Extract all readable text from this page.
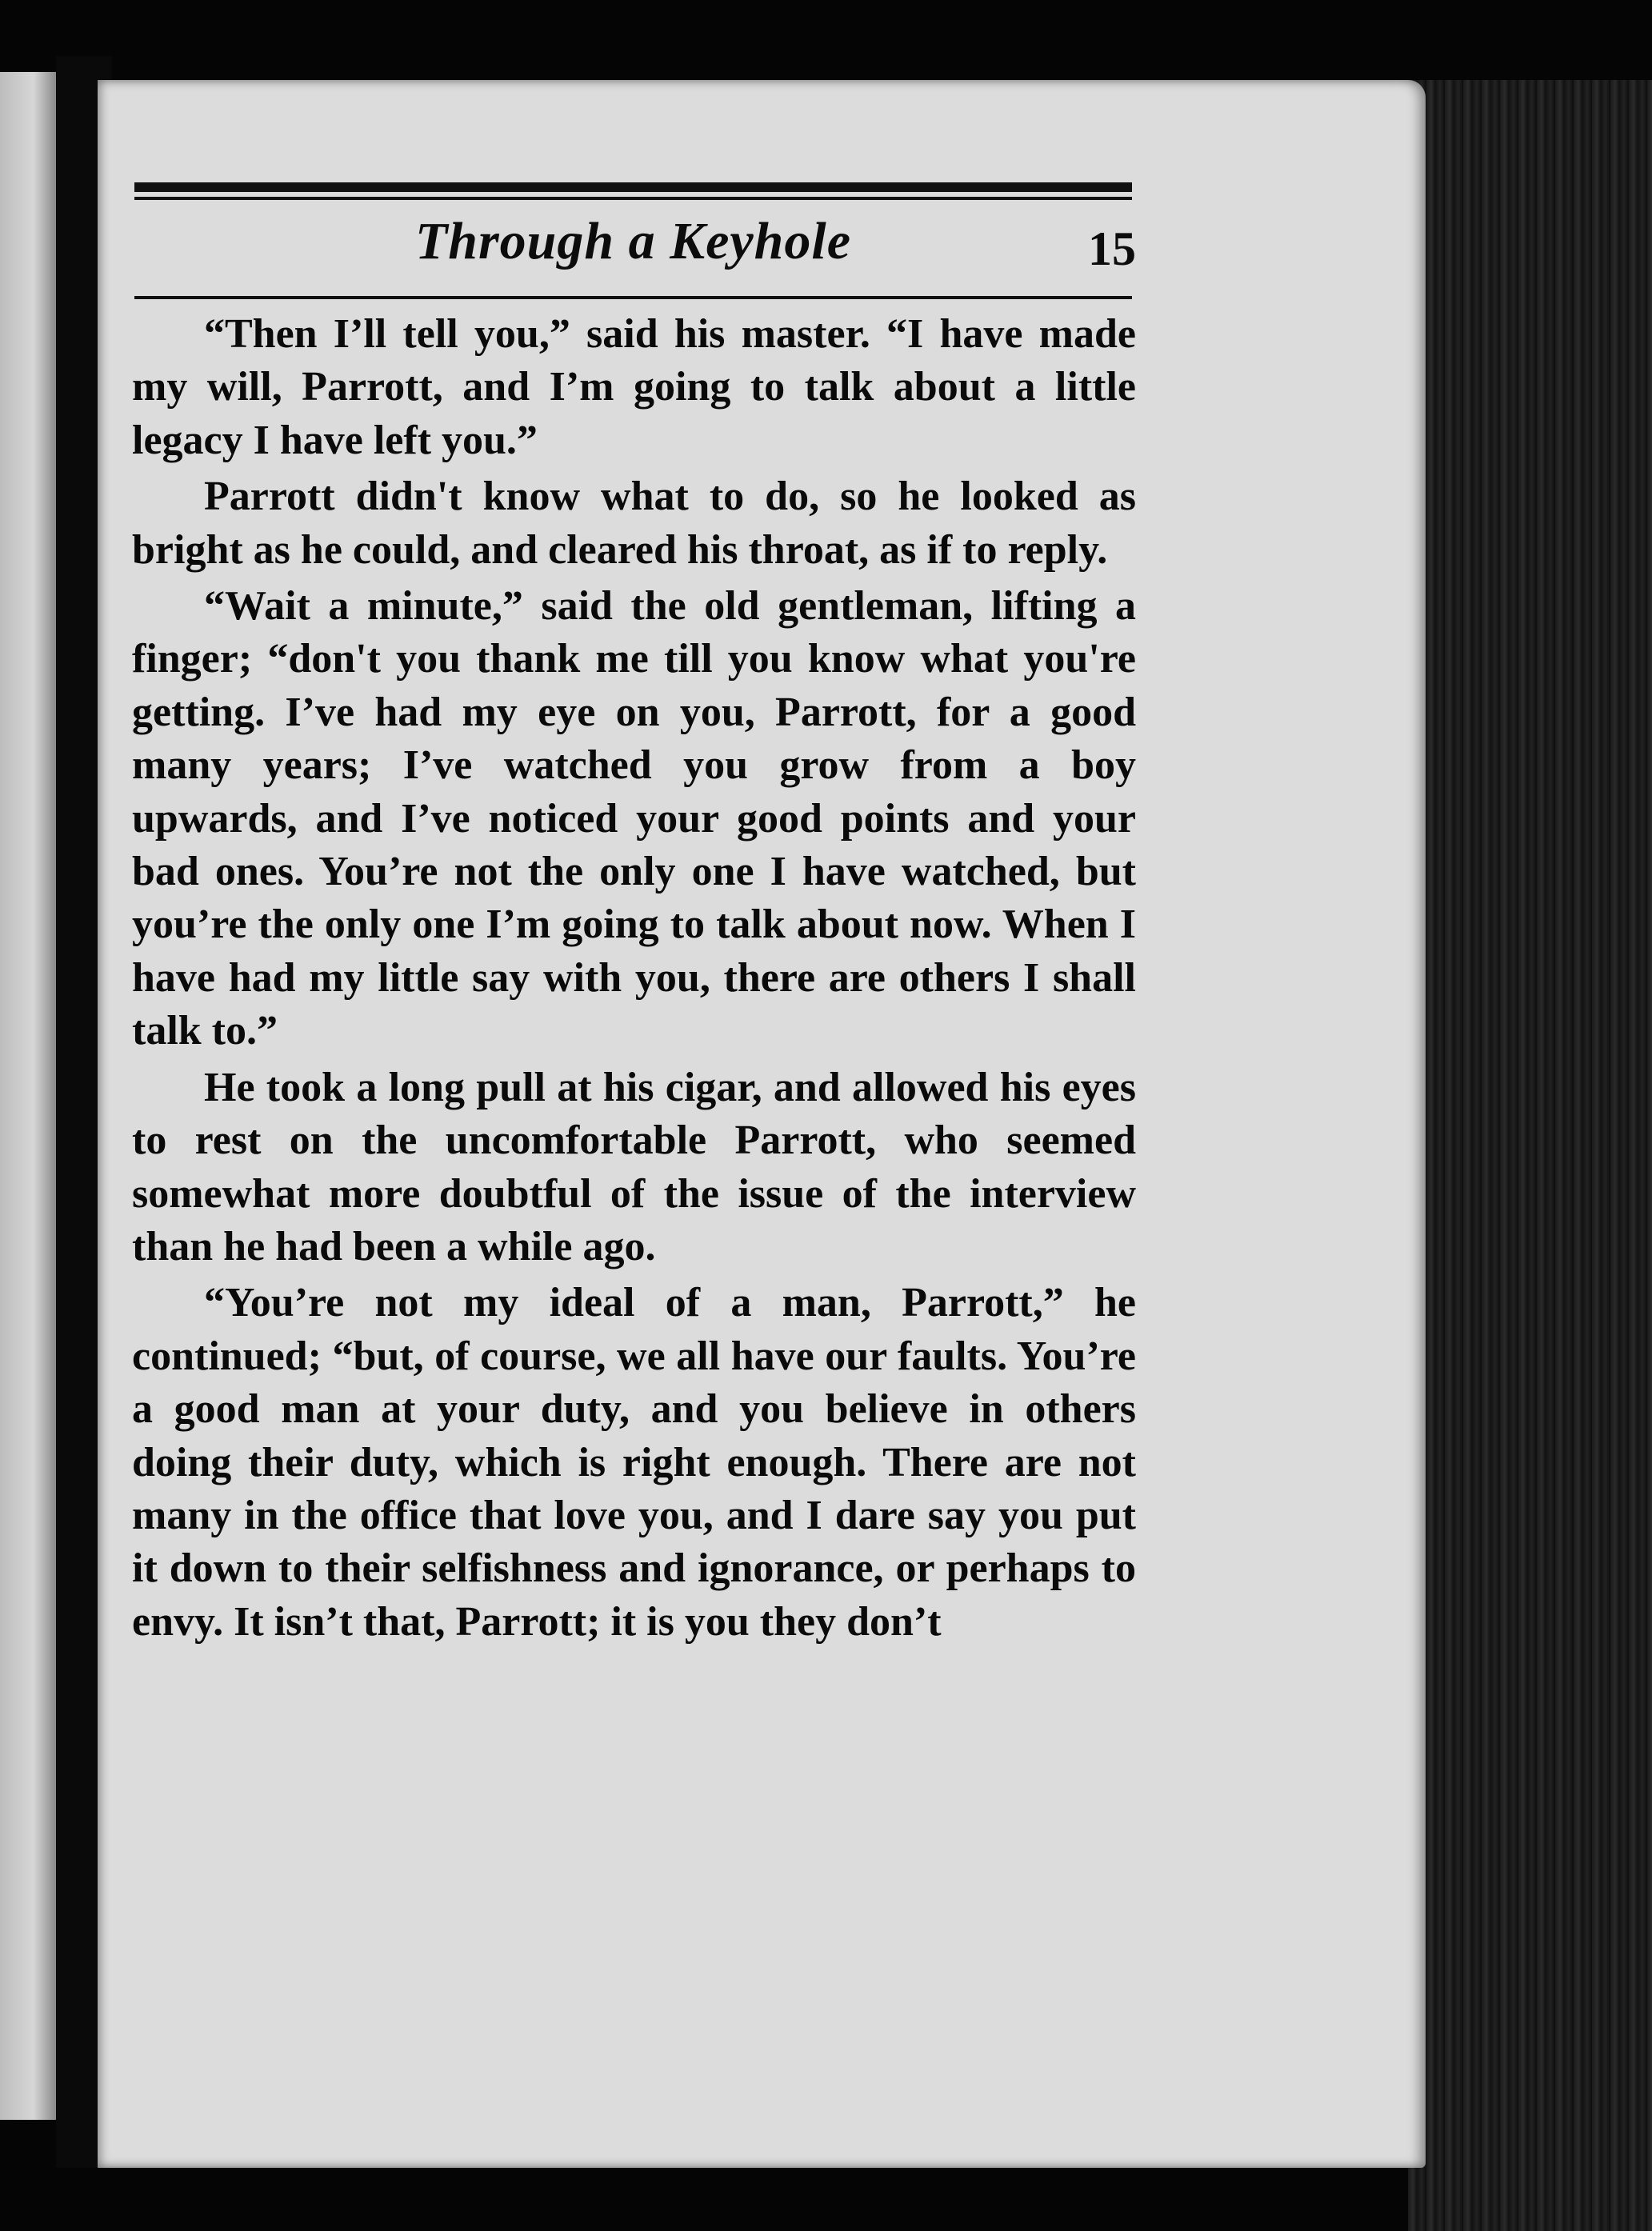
Through a Keyhole	15

“Then I’ll tell you,” said his master. “I have made my will, Parrott, and I’m going to talk about a little legacy I have left you.”

Parrott didn't know what to do, so he looked as bright as he could, and cleared his throat, as if to reply.

“Wait a minute,” said the old gentleman, lifting a finger; “don't you thank me till you know what you're getting. I’ve had my eye on you, Parrott, for a good many years; I’ve watched you grow from a boy upwards, and I’ve noticed your good points and your bad ones. You’re not the only one I have watched, but you’re the only one I’m going to talk about now. When I have had my little say with you, there are others I shall talk to.”

He took a long pull at his cigar, and allowed his eyes to rest on the uncomfortable Parrott, who seemed somewhat more doubtful of the issue of the interview than he had been a while ago.

“You’re not my ideal of a man, Parrott,” he continued; “but, of course, we all have our faults. You’re a good man at your duty, and you believe in others doing their duty, which is right enough. There are not many in the office that love you, and I dare say you put it down to their selfishness and ignorance, or perhaps to envy. It isn’t that, Parrott; it is you they don’t
